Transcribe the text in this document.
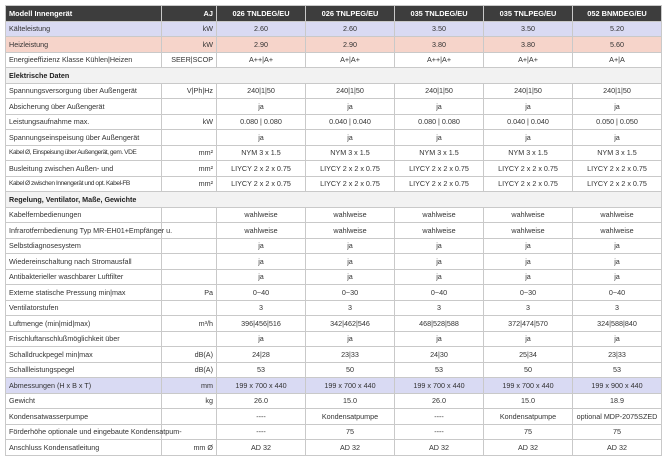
Modell Innengerät	AJ	026 TNLDEG/EU	026 TNLPEG/EU	035 TNLDEG/EU	035 TNLPEG/EU	052 BNMDEG/EU
Kälteleistung	kW	2.60	2.60	3.50	3.50	5.20
Heizleistung	kW	2.90	2.90	3.80	3.80	5.60
Energieeffizienz Klasse Kühlen|Heizen	SEER|SCOP	A++|A+	A+|A+	A++|A+	A+|A+	A+|A
Elektrische Daten						
Spannungsversorgung über Außengerät	V|Ph|Hz	240|1|50	240|1|50	240|1|50	240|1|50	240|1|50
Absicherung über Außengerät		ja	ja	ja	ja	ja
Leistungsaufnahme max.	kW	0.080 | 0.080	0.040 | 0.040	0.080 | 0.080	0.040 | 0.040	0.050 | 0.050
Spannungseinspeisung über Außengerät		ja	ja	ja	ja	ja
Kabel Ø, Einspeisung über Außengerät, gem. VDE	mm²	NYM 3 x 1.5	NYM 3 x 1.5	NYM 3 x 1.5	NYM 3 x 1.5	NYM 3 x 1.5
Busleitung zwischen Außen- und	mm²	LIYCY 2 x 2 x 0.75	LIYCY 2 x 2 x 0.75	LIYCY 2 x 2 x 0.75	LIYCY 2 x 2 x 0.75	LIYCY 2 x 2 x 0.75
Kabel Ø zwischen Innengerät und opt. Kabel-FB	mm²	LIYCY 2 x 2 x 0.75	LIYCY 2 x 2 x 0.75	LIYCY 2 x 2 x 0.75	LIYCY 2 x 2 x 0.75	LIYCY 2 x 2 x 0.75
Regelung, Ventilator, Maße, Gewichte						
Kabelfernbedienungen		wahlweise	wahlweise	wahlweise	wahlweise	wahlweise
Infrarotfernbedienung Typ MR-EH01+Empfänger u.		wahlweise	wahlweise	wahlweise	wahlweise	wahlweise
Selbstdiagnosesystem		ja	ja	ja	ja	ja
Wiedereinschaltung nach Stromausfall		ja	ja	ja	ja	ja
Antibakterieller waschbarer Luftfilter		ja	ja	ja	ja	ja
Externe statische Pressung min|max	Pa	0~40	0~30	0~40	0~30	0~40
Ventilatorstufen		3	3	3	3	3
Luftmenge (min|mid|max)	m³/h	396|456|516	342|462|546	468|528|588	372|474|570	324|588|840
Frischluftanschlußmöglichkeit über		ja	ja	ja	ja	ja
Schalldruckpegel min|max	dB(A)	24|28	23|33	24|30	25|34	23|33
Schallleistungspegel	dB(A)	53	50	53	50	53
Abmessungen (H x B x T)	mm	199 x 700 x 440	199 x 700 x 440	199 x 700 x 440	199 x 700 x 440	199 x 900 x 440
Gewicht	kg	26.0	15.0	26.0	15.0	18.9
Kondensatwasserpumpe		----	Kondensatpumpe	----	Kondensatpumpe	optional MDP-2075SZED
Förderhöhe optionale und eingebaute Kondensatpum-		----	75	----	75	75
Anschluss Kondensatleitung	mm Ø	AD 32	AD 32	AD 32	AD 32	AD 32
